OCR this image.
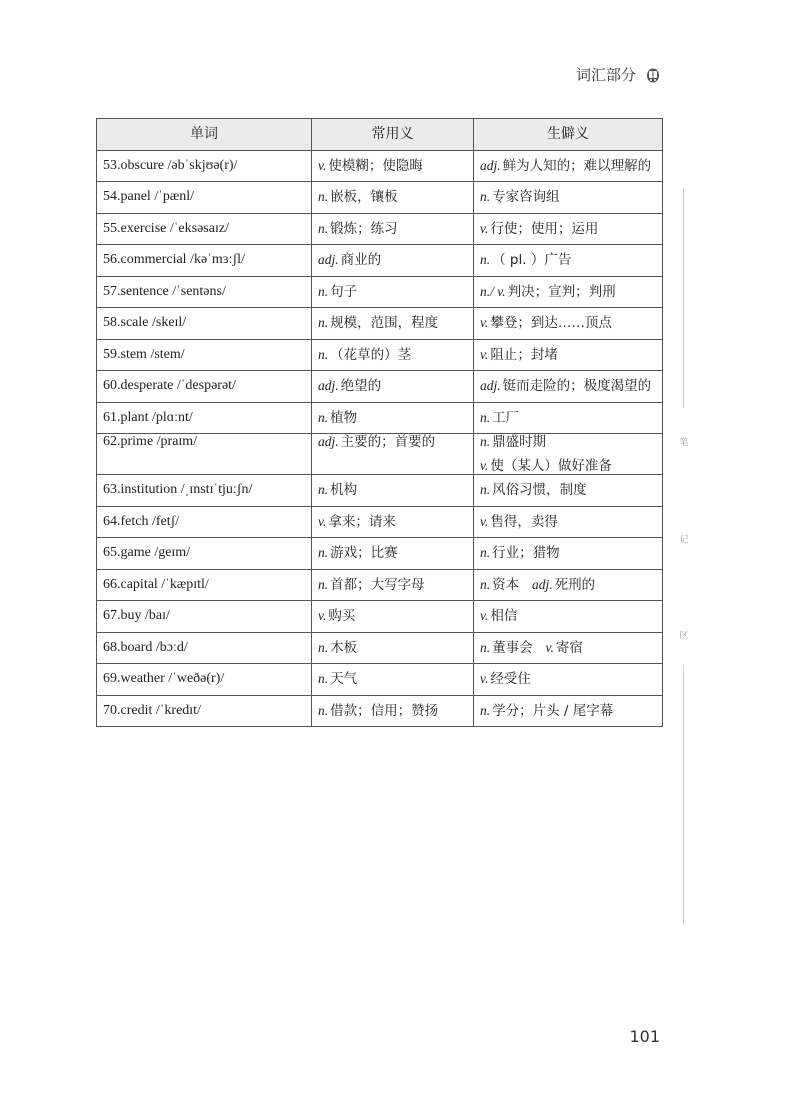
词汇部分
笔
记
区
单词	常用义	生僻义
53.obscure /əbˈskjʊə(r)/	v. 使模糊；使隐晦	adj. 鲜为人知的；难以理解的

54.panel /ˈpænl/	n. 嵌板，镶板	n. 专家咨询组

55.exercise /ˈeksəsaɪz/	n. 锻炼；练习	v. 行使；使用；运用

56.commercial /kəˈmɜːʃl/	adj. 商业的	n. （ pl. ）广告

57.sentence /ˈsentəns/	n. 句子	n./ v. 判决；宣判；判刑

58.scale /skeɪl/	n. 规模，范围，程度	v. 攀登；到达……顶点

59.stem /stem/	n. （花草的）茎	v. 阻止；封堵

60.desperate /ˈdespərət/	adj. 绝望的	adj. 铤而走险的；极度渴望的

61.plant /plɑːnt/	n. 植物	n. 工厂

62.prime /praɪm/	adj. 主要的；首要的	n. 鼎盛时期
v. 使（某人）做好准备

63.institution /ˌɪnstɪˈtjuːʃn/	n. 机构	n. 风俗习惯，制度

64.fetch /fetʃ/	v. 拿来；请来	v. 售得，卖得

65.game /geɪm/	n. 游戏；比赛	n. 行业；猎物

66.capital /ˈkæpɪtl/	n. 首都；大写字母	n. 资本 adj. 死刑的

67.buy /baɪ/	v. 购买	v. 相信

68.board /bɔːd/	n. 木板	n. 董事会 v. 寄宿

69.weather /ˈweðə(r)/	n. 天气	v. 经受住

70.credit /ˈkredɪt/	n. 借款；信用；赞扬	n. 学分；片头 / 尾字幕
101
